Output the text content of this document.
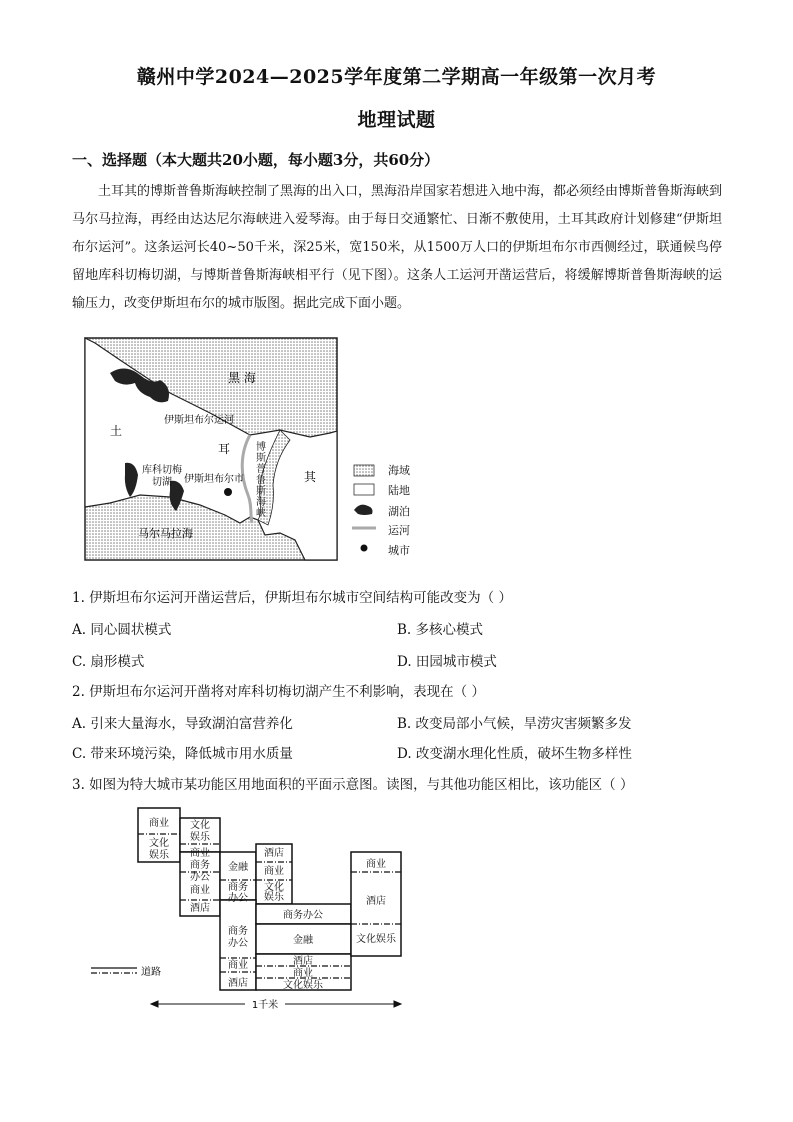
赣州中学2024—2025学年度第二学期高一年级第一次月考
地理试题
一、选择题（本大题共20小题，每小题3分，共60分）

土耳其的博斯普鲁斯海峡控制了黑海的出入口，黑海沿岸国家若想进入地中海，都必须经由博斯普鲁斯海峡到马尔马拉海，再经由达达尼尔海峡进入爱琴海。由于每日交通繁忙、日渐不敷使用，土耳其政府计划修建“伊斯坦布尔运河”。这条运河长40~50千米，深25米，宽150米，从1500万人口的伊斯坦布尔市西侧经过，联通候鸟停留地库科切梅切湖，与博斯普鲁斯海峡相平行（见下图）。这条人工运河开凿运营后，将缓解博斯普鲁斯海峡的运输压力，改变伊斯坦布尔的城市版图。据此完成下面小题。

黑 海
土
耳
其
伊斯坦布尔运河
伊斯坦布尔市
马尔马拉海
库科切梅切湖
博斯普鲁斯海峡
海域
陆地
湖泊
运河
城市
1. 伊斯坦布尔运河开凿运营后，伊斯坦布尔城市空间结构可能改变为（ ）
A. 同心圆状模式	B. 多核心模式
C. 扇形模式	D. 田园城市模式
2. 伊斯坦布尔运河开凿将对库科切梅切湖产生不利影响，表现在（ ）
A. 引来大量海水，导致湖泊富营养化	B. 改变局部小气候，旱涝灾害频繁多发
C. 带来环境污染，降低城市用水质量	D. 改变湖水理化性质，破坏生物多样性
3. 如图为特大城市某功能区用地面积的平面示意图。读图，与其他功能区相比，该功能区（ ）
商业
文化
娱乐
文化
娱乐
商业
商务
办公
商业
酒店
金融
商务
办公
酒店
商业
文化
娱乐
商务
办公
商业
酒店
商务办公
金融
酒店
商业
文化娱乐
商业
酒店
文化娱乐
道路
1千米
